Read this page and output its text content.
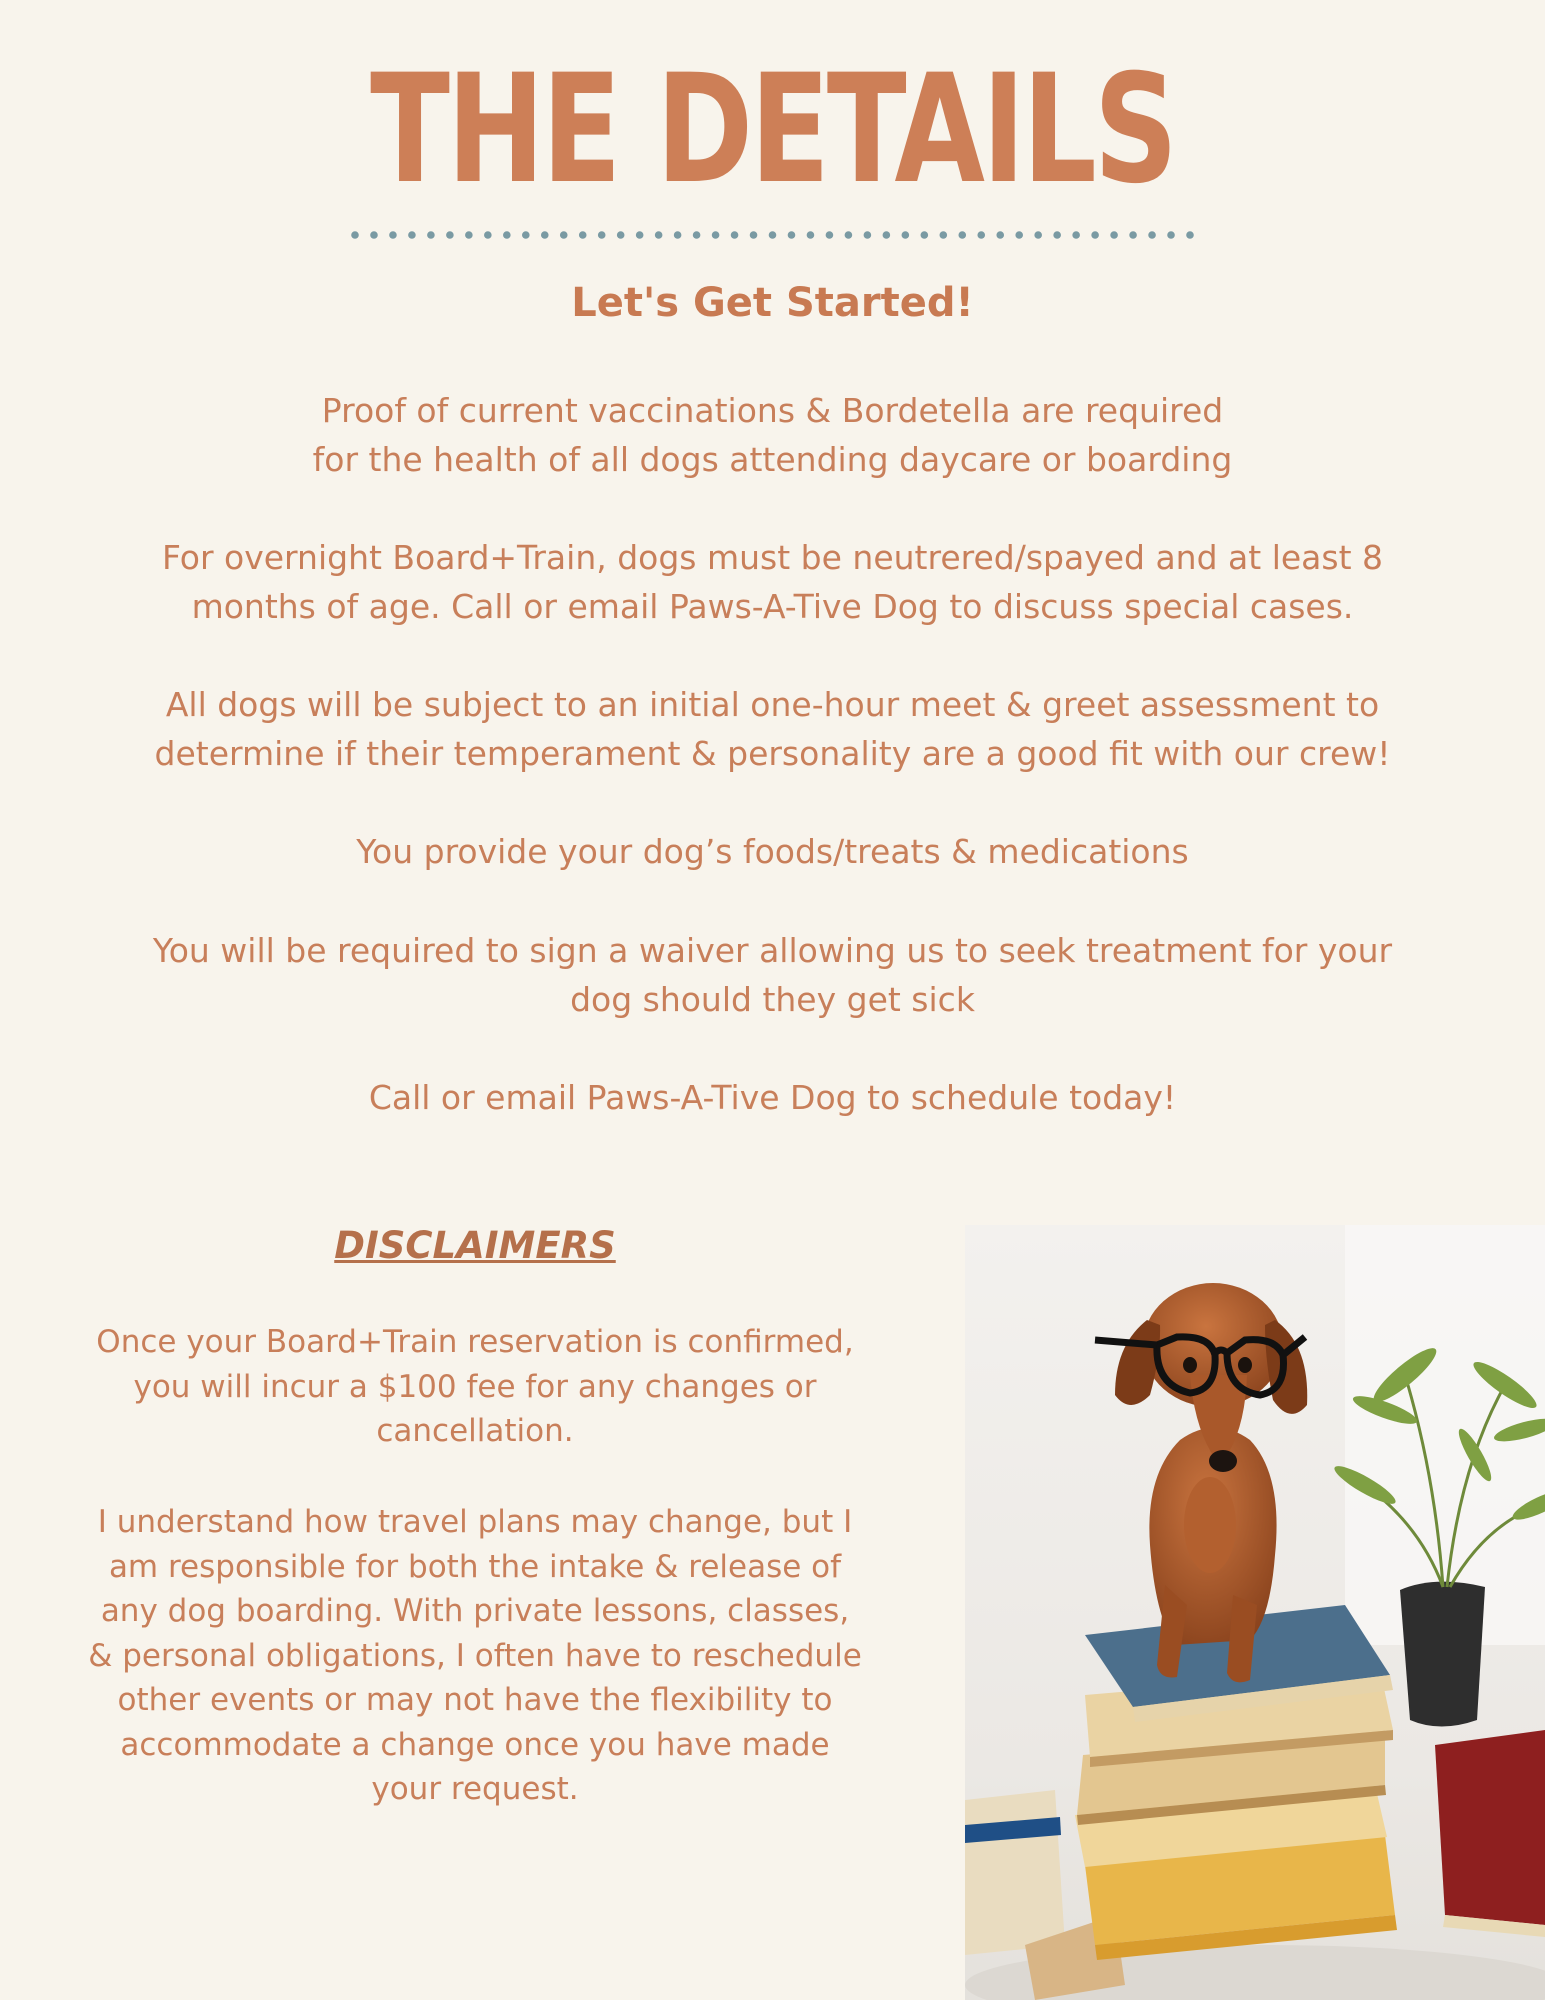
THE DETAILS
Let's Get Started!

Proof of current vaccinations & Bordetella are required
for the health of all dogs attending daycare or boarding

For overnight Board+Train, dogs must be neutrered/spayed and at least 8
months of age. Call or email Paws-A-Tive Dog to discuss special cases.

All dogs will be subject to an initial one-hour meet & greet assessment to
determine if their temperament & personality are a good fit with our crew!

You provide your dog’s foods/treats & medications

You will be required to sign a waiver allowing us to seek treatment for your
dog should they get sick

Call or email Paws-A-Tive Dog to schedule today!

DISCLAIMERS

Once your Board+Train reservation is confirmed,
you will incur a $100 fee for any changes or
cancellation.

I understand how travel plans may change, but I
am responsible for both the intake & release of
any dog boarding. With private lessons, classes,
& personal obligations, I often have to reschedule
other events or may not have the flexibility to
accommodate a change once you have made
your request.
